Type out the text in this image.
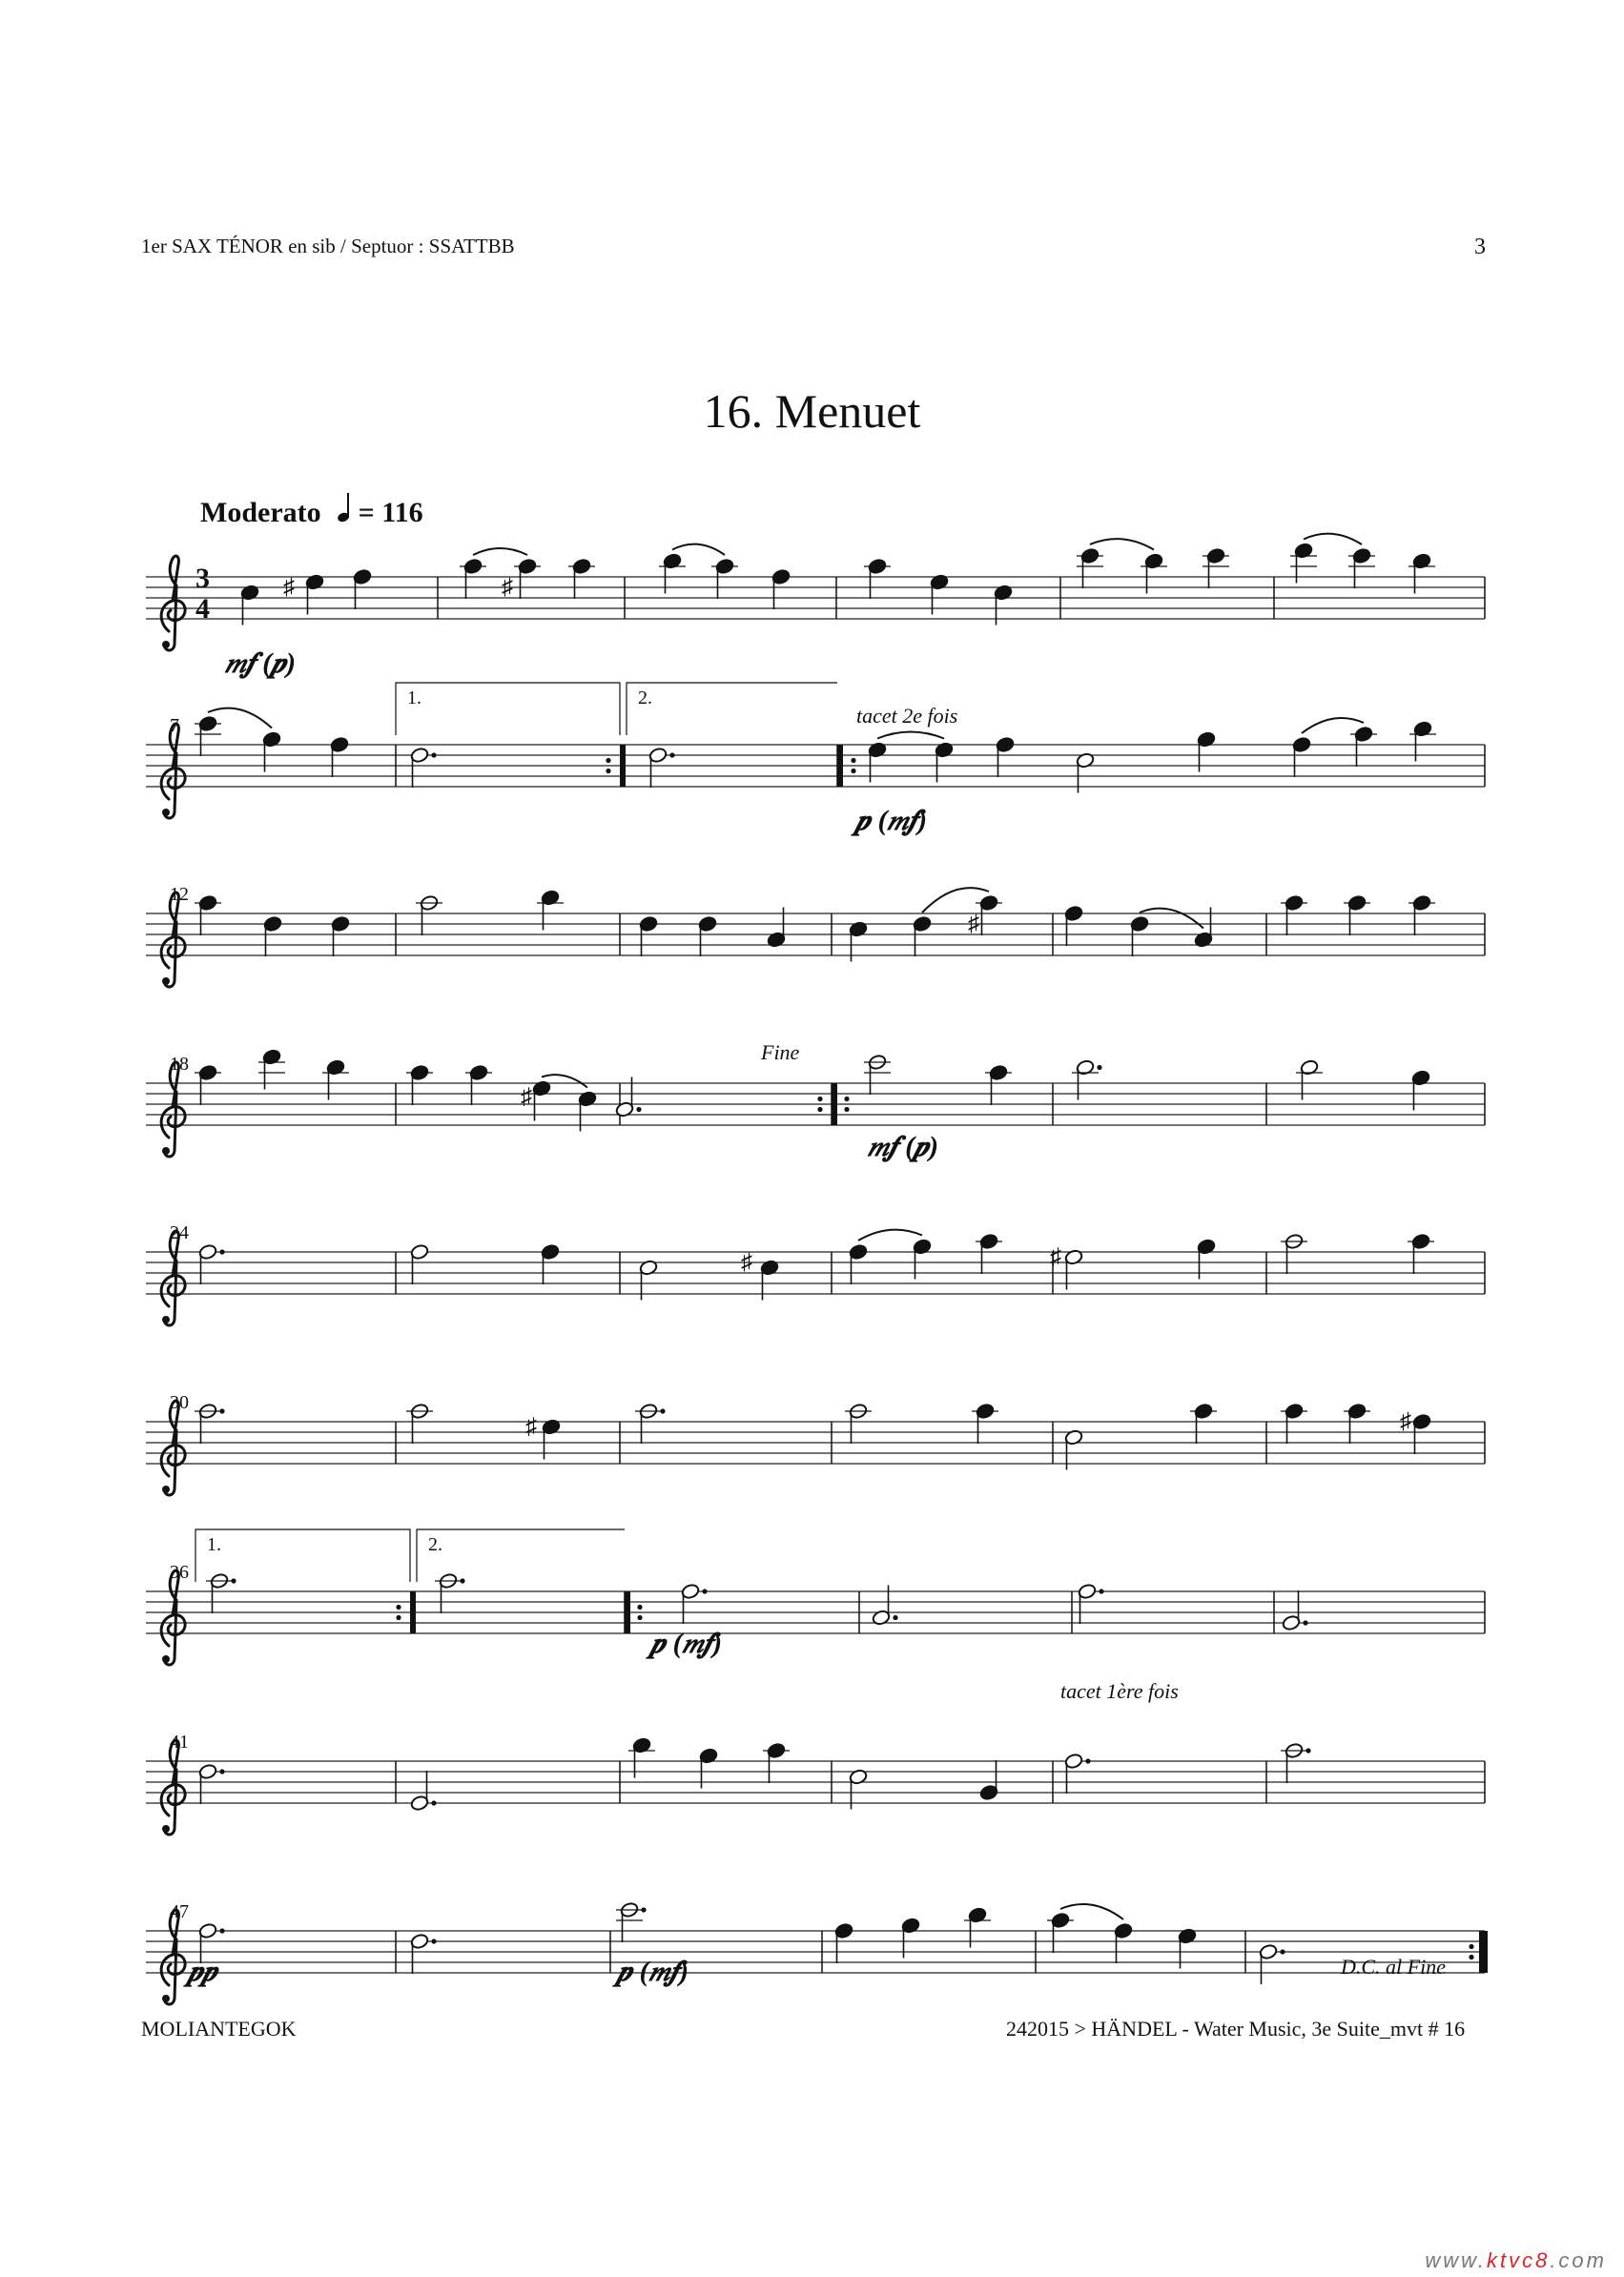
1er SAX TÉNOR en sib / Septuor : SSATTBB	3
16. Menuet
Moderato = 116
7
12
18
24
30
36
41
47
3
4
♯	♯
♯
♯
♯	♯
♯	♯
1.	2.
1.	2.
𝆐𝆑 (𝆏)
𝆏 (𝆐𝆑)
𝆐𝆑 (𝆏)
𝆏 (𝆐𝆑)
𝆏𝆏	𝆏 (𝆐𝆑)
tacet 2e fois
Fine
tacet 1ère fois
D.C. al Fine
MOLIANTEGOK	242015 > HÄNDEL - Water Music, 3e Suite_mvt # 16
www.ktvc8.com
